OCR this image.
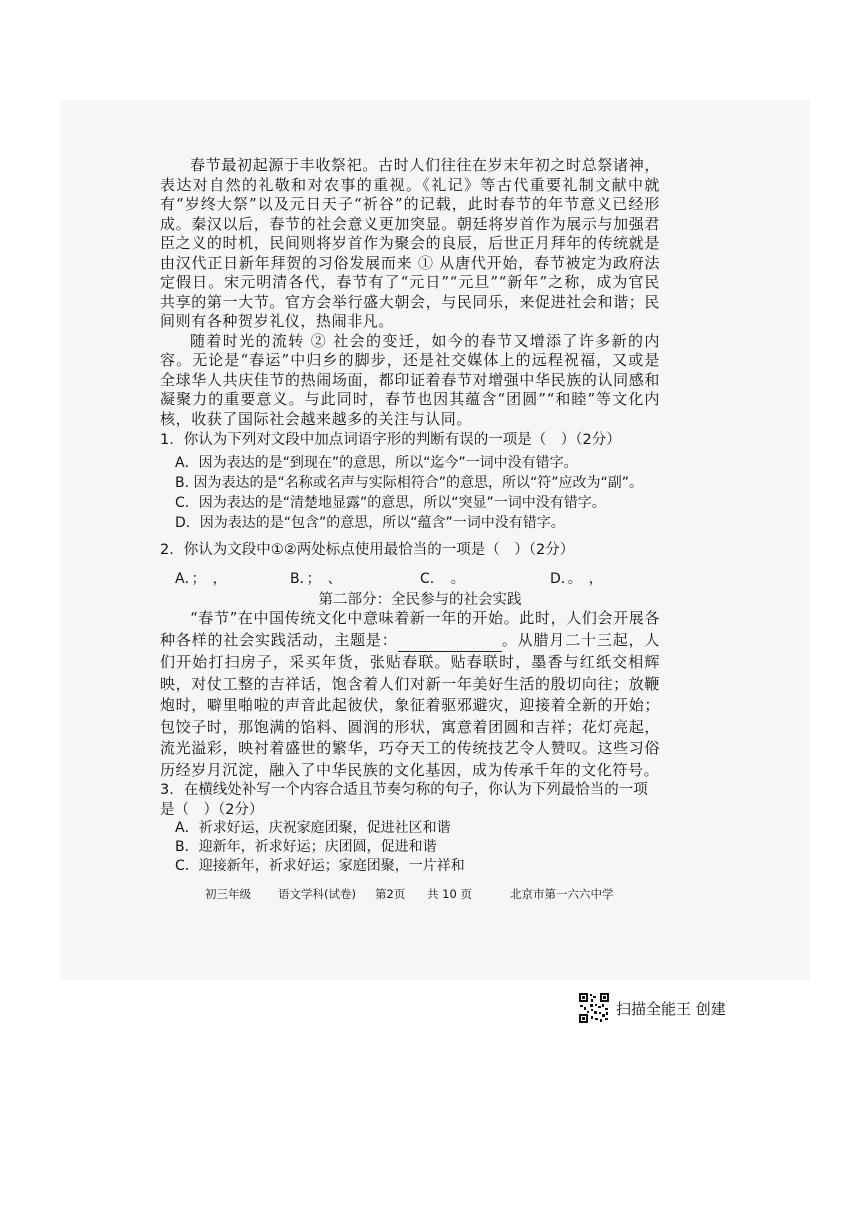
春节最初起源于丰收祭祀。古时人们往往在岁末年初之时总祭诸神，表达对自然的礼敬和对农事的重视。《礼记》等古代重要礼制文献中就有“岁终大祭”以及元日天子“祈谷”的记载，此时春节的年节意义已经形成。秦汉以后，春节的社会意义更加突显。朝廷将岁首作为展示与加强君臣之义的时机，民间则将岁首作为聚会的良辰，后世正月拜年的传统就是由汉代正日新年拜贺的习俗发展而来 ① 从唐代开始，春节被定为政府法定假日。宋元明清各代，春节有了“元日”“元旦”“新年”之称，成为官民共享的第一大节。官方会举行盛大朝会，与民同乐，来促进社会和谐；民间则有各种贺岁礼仪，热闹非凡。

随着时光的流转 ② 社会的变迁，如今的春节又增添了许多新的内容。无论是“春运”中归乡的脚步，还是社交媒体上的远程祝福，又或是全球华人共庆佳节的热闹场面，都印证着春节对增强中华民族的认同感和凝聚力的重要意义。与此同时，春节也因其蕴含“团圆”“和睦”等文化内核，收获了国际社会越来越多的关注与认同。

1．你认为下列对文段中加点词语字形的判断有误的一项是（　）（2分）
A．因为表达的是“到现在”的意思，所以“迄今”一词中没有错字。
B. 因为表达的是“名称或名声与实际相符合”的意思，所以“符”应改为“副”。
C．因为表达的是“清楚地显露”的意思，所以“突显”一词中没有错字。
D．因为表达的是“包含”的意思，所以“蕴含”一词中没有错字。
2．你认为文段中①②两处标点使用最恰当的一项是（　）（2分）
A．；　，	B．；　、	C．　。	D．。　，
第二部分：全民参与的社会实践

“春节”在中国传统文化中意味着新一年的开始。此时，人们会开展各种各样的社会实践活动，主题是：	。从腊月二十三起，人们开始打扫房子，采买年货，张贴春联。贴春联时，墨香与红纸交相辉映，对仗工整的吉祥话，饱含着人们对新一年美好生活的殷切向往；放鞭炮时，噼里啪啦的声音此起彼伏，象征着驱邪避灾，迎接着全新的开始；包饺子时，那饱满的馅料、圆润的形状，寓意着团圆和吉祥；花灯亮起，流光溢彩，映衬着盛世的繁华，巧夺天工的传统技艺令人赞叹。这些习俗历经岁月沉淀，融入了中华民族的文化基因，成为传承千年的文化符号。

3．在横线处补写一个内容合适且节奏匀称的句子，你认为下列最恰当的一项是（　）（2分）
A．祈求好运，庆祝家庭团聚，促进社区和谐
B．迎新年，祈求好运；庆团圆，促进和谐
C．迎接新年，祈求好运；家庭团聚，一片祥和
初三年级 语文学科(试卷) 第2页 共 10 页	北京市第一六六中学
扫描全能王 创建
